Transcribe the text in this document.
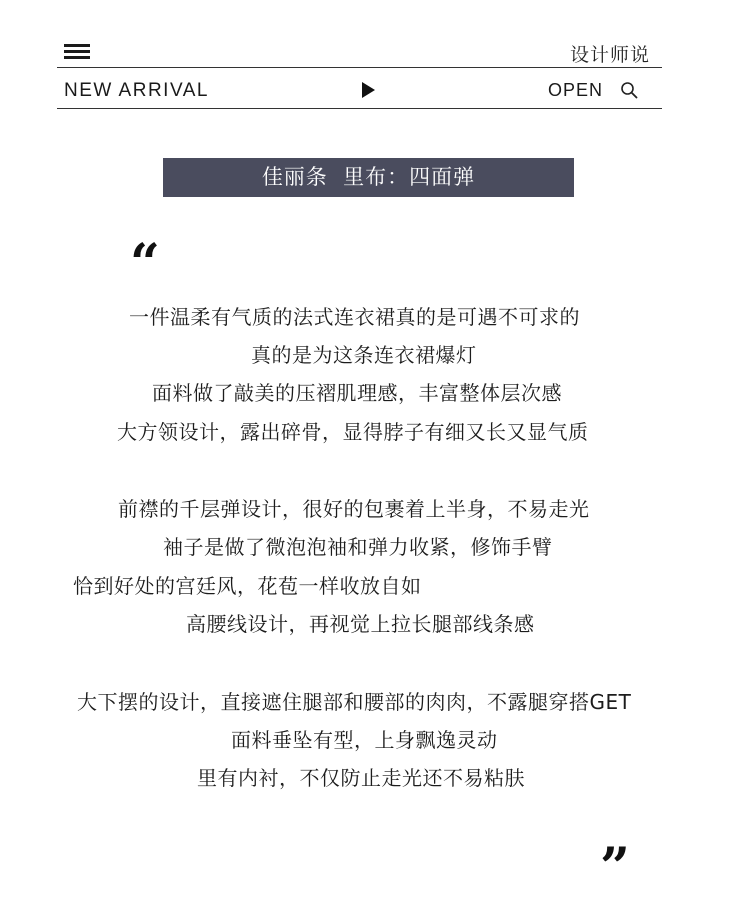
设计师说
NEW ARRIVAL	OPEN
佳丽条  里布：四面弹
“
一件温柔有气质的法式连衣裙真的是可遇不可求的
真的是为这条连衣裙爆灯
面料做了敲美的压褶肌理感，丰富整体层次感
大方领设计，露出碎骨，显得脖子有细又长又显气质
前襟的千层弹设计，很好的包裹着上半身，不易走光
袖子是做了微泡泡袖和弹力收紧，修饰手臂
恰到好处的宫廷风，花苞一样收放自如
高腰线设计，再视觉上拉长腿部线条感
大下摆的设计，直接遮住腿部和腰部的肉肉，不露腿穿搭GET
面料垂坠有型，上身飘逸灵动
里有内衬，不仅防止走光还不易粘肤
”
